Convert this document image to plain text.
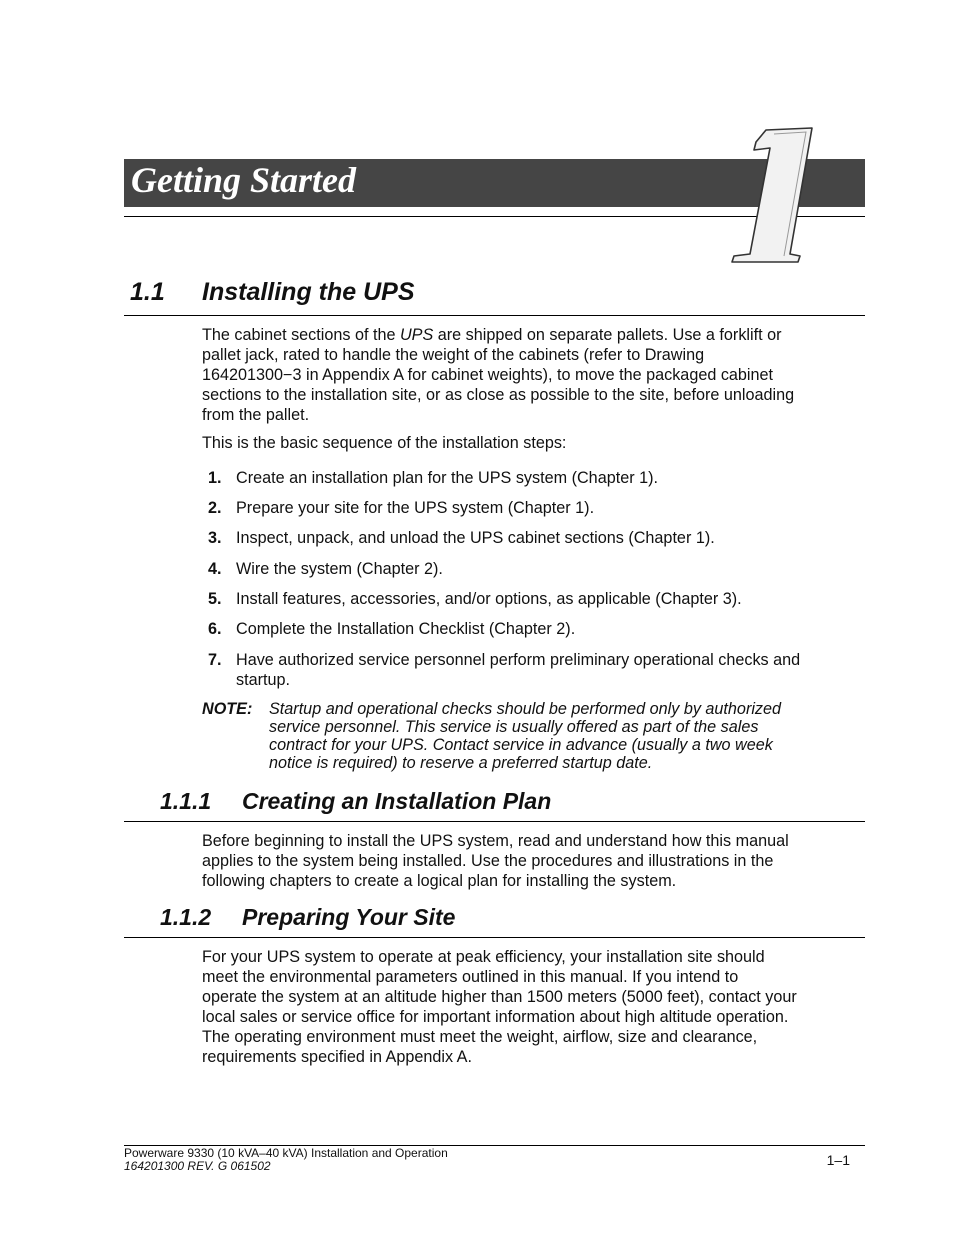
Getting Started
1.1 Installing the UPS
The cabinet sections of the UPS are shipped on separate pallets. Use a forklift or
pallet jack, rated to handle the weight of the cabinets (refer to Drawing
164201300−3 in Appendix A for cabinet weights), to move the packaged cabinet
sections to the installation site, or as close as possible to the site, before unloading
from the pallet.
This is the basic sequence of the installation steps:
1. Create an installation plan for the UPS system (Chapter 1).
2. Prepare your site for the UPS system (Chapter 1).
3. Inspect, unpack, and unload the UPS cabinet sections (Chapter 1).
4. Wire the system (Chapter 2).
5. Install features, accessories, and/or options, as applicable (Chapter 3).
6. Complete the Installation Checklist (Chapter 2).
7. Have authorized service personnel perform preliminary operational checks and
startup.
NOTE: Startup and operational checks should be performed only by authorized
service personnel. This service is usually offered as part of the sales
contract for your UPS. Contact service in advance (usually a two week
notice is required) to reserve a preferred startup date.
1.1.1 Creating an Installation Plan
Before beginning to install the UPS system, read and understand how this manual
applies to the system being installed. Use the procedures and illustrations in the
following chapters to create a logical plan for installing the system.
1.1.2 Preparing Your Site
For your UPS system to operate at peak efficiency, your installation site should
meet the environmental parameters outlined in this manual. If you intend to
operate the system at an altitude higher than 1500 meters (5000 feet), contact your
local sales or service office for important information about high altitude operation.
The operating environment must meet the weight, airflow, size and clearance,
requirements specified in Appendix A.
Powerware 9330 (10 kVA–40 kVA) Installation and Operation
164201300 REV. G 061502	1–1
